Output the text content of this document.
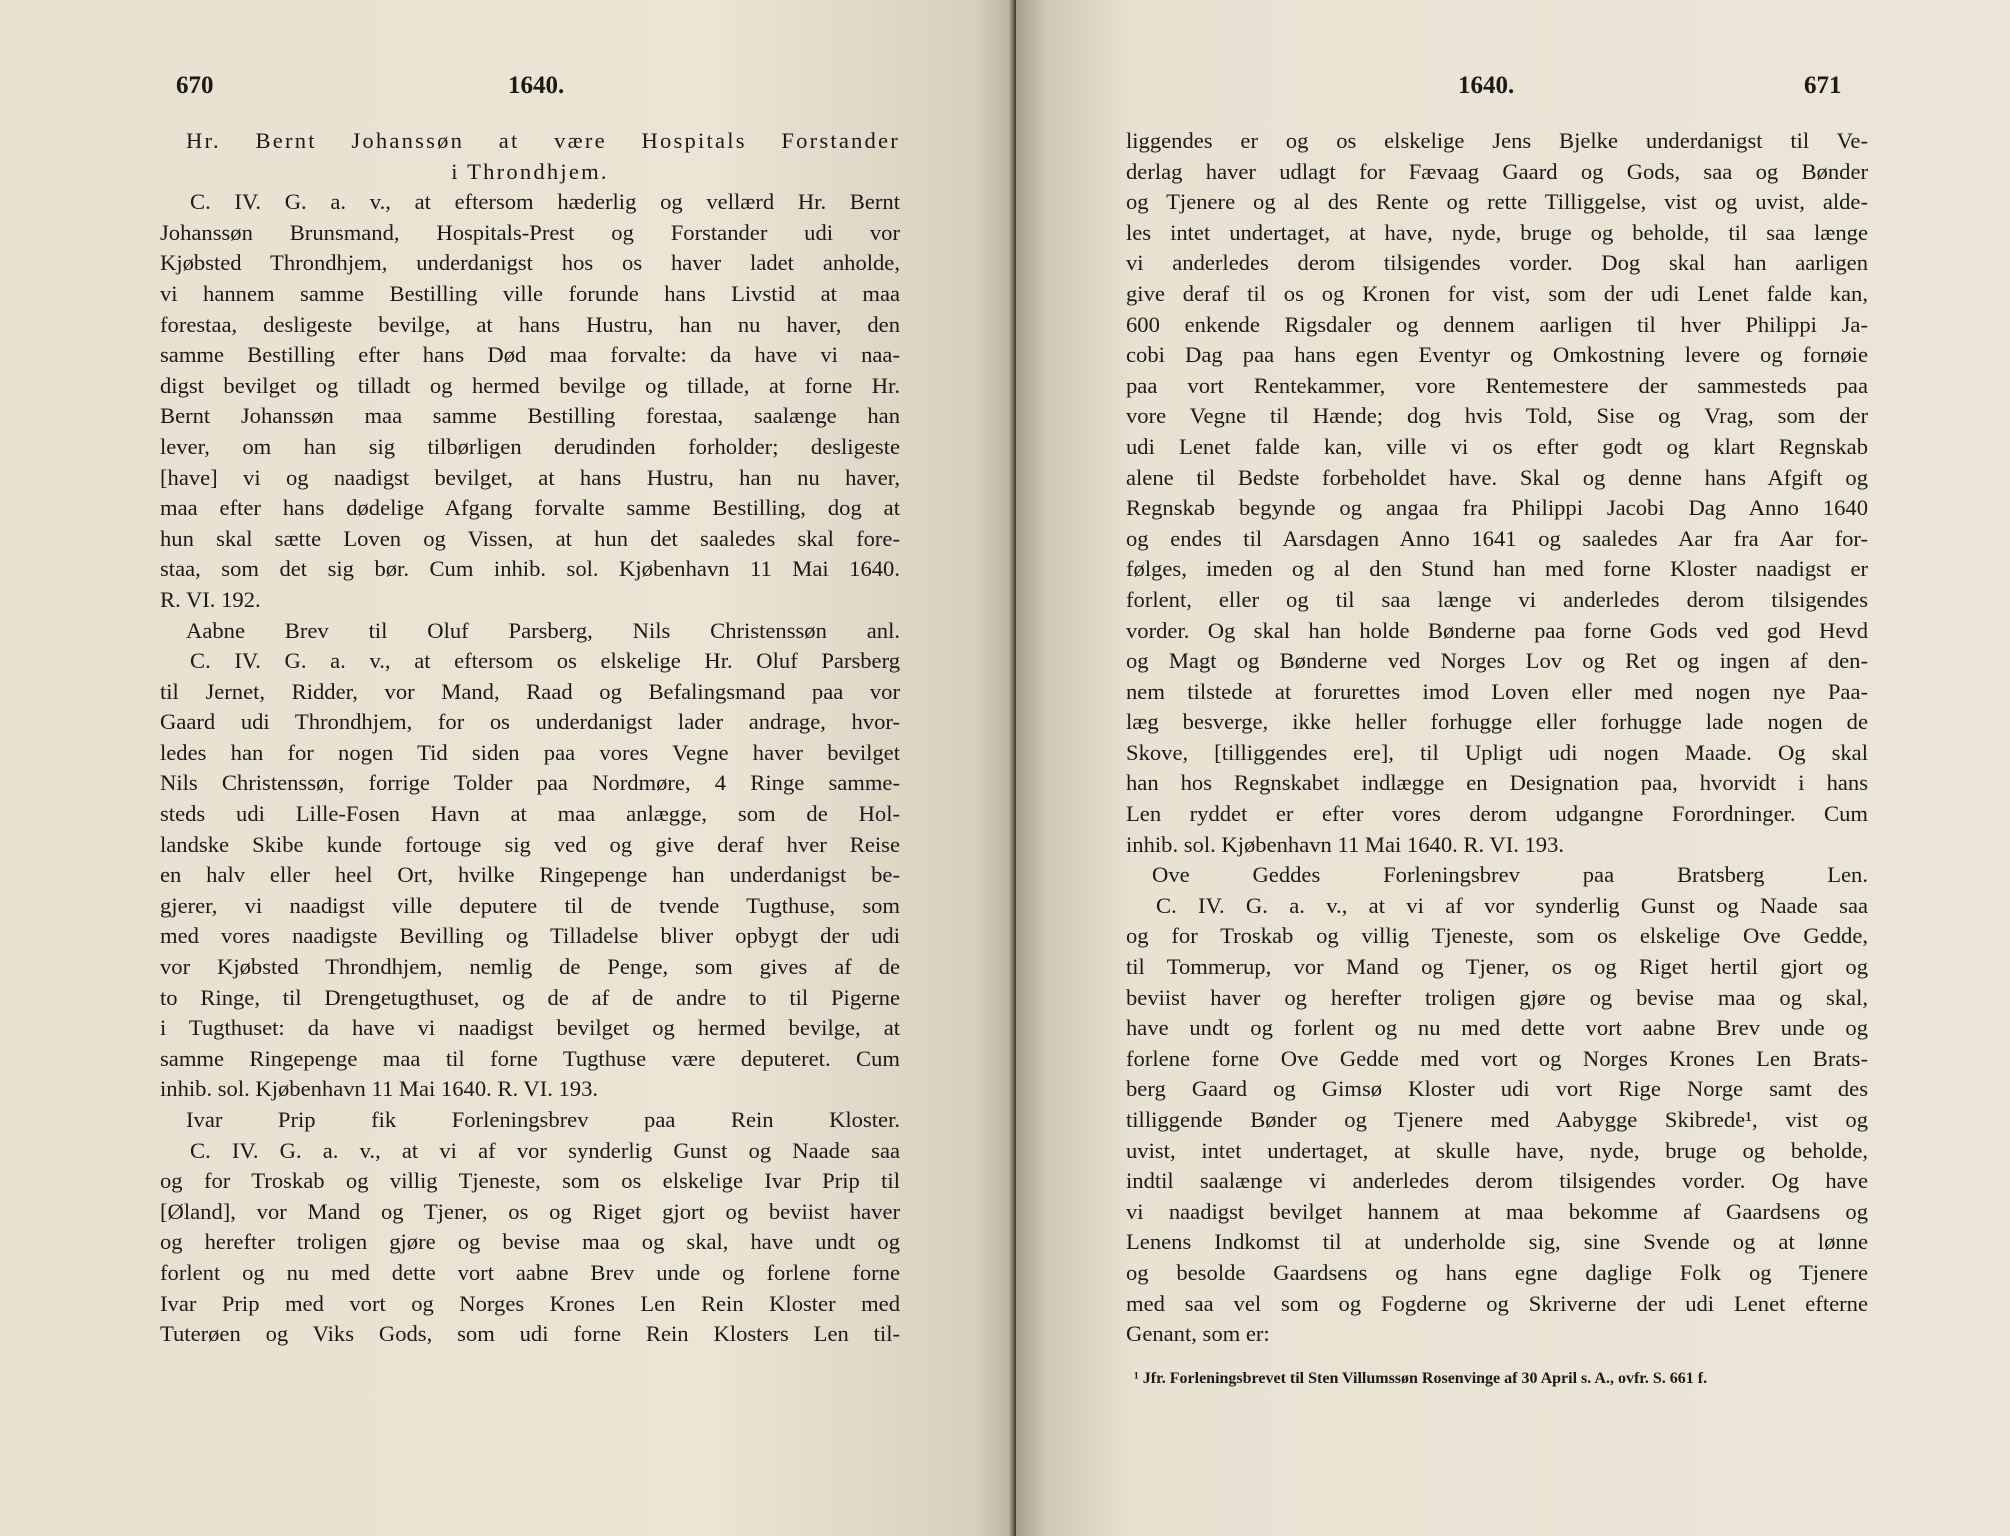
670	1640.

Hr. Bernt Johanssøn at være Hospitals Forstander

i Throndhjem.

C. IV. G. a. v., at eftersom hæderlig og vellærd Hr. Bernt

Johanssøn Brunsmand, Hospitals-Prest og Forstander udi vor

Kjøbsted Throndhjem, underdanigst hos os haver ladet anholde,

vi hannem samme Bestilling ville forunde hans Livstid at maa

forestaa, desligeste bevilge, at hans Hustru, han nu haver, den

samme Bestilling efter hans Død maa forvalte: da have vi naa-

digst bevilget og tilladt og hermed bevilge og tillade, at forne Hr.

Bernt Johanssøn maa samme Bestilling forestaa, saalænge han

lever, om han sig tilbørligen derudinden forholder; desligeste

[have] vi og naadigst bevilget, at hans Hustru, han nu haver,

maa efter hans dødelige Afgang forvalte samme Bestilling, dog at

hun skal sætte Loven og Vissen, at hun det saaledes skal fore-

staa, som det sig bør. Cum inhib. sol. Kjøbenhavn 11 Mai 1640.

R. VI. 192.

Aabne Brev til Oluf Parsberg, Nils Christenssøn anl.

C. IV. G. a. v., at eftersom os elskelige Hr. Oluf Parsberg

til Jernet, Ridder, vor Mand, Raad og Befalingsmand paa vor

Gaard udi Throndhjem, for os underdanigst lader andrage, hvor-

ledes han for nogen Tid siden paa vores Vegne haver bevilget

Nils Christenssøn, forrige Tolder paa Nordmøre, 4 Ringe samme-

steds udi Lille-Fosen Havn at maa anlægge, som de Hol-

landske Skibe kunde fortouge sig ved og give deraf hver Reise

en halv eller heel Ort, hvilke Ringepenge han underdanigst be-

gjerer, vi naadigst ville deputere til de tvende Tugthuse, som

med vores naadigste Bevilling og Tilladelse bliver opbygt der udi

vor Kjøbsted Throndhjem, nemlig de Penge, som gives af de

to Ringe, til Drengetugthuset, og de af de andre to til Pigerne

i Tugthuset: da have vi naadigst bevilget og hermed bevilge, at

samme Ringepenge maa til forne Tugthuse være deputeret. Cum

inhib. sol. Kjøbenhavn 11 Mai 1640. R. VI. 193.

Ivar Prip fik Forleningsbrev paa Rein Kloster.

C. IV. G. a. v., at vi af vor synderlig Gunst og Naade saa

og for Troskab og villig Tjeneste, som os elskelige Ivar Prip til

[Øland], vor Mand og Tjener, os og Riget gjort og beviist haver

og herefter troligen gjøre og bevise maa og skal, have undt og

forlent og nu med dette vort aabne Brev unde og forlene forne

Ivar Prip med vort og Norges Krones Len Rein Kloster med

Tuterøen og Viks Gods, som udi forne Rein Klosters Len til-

1640.	671

liggendes er og os elskelige Jens Bjelke underdanigst til Ve-

derlag haver udlagt for Fævaag Gaard og Gods, saa og Bønder

og Tjenere og al des Rente og rette Tilliggelse, vist og uvist, alde-

les intet undertaget, at have, nyde, bruge og beholde, til saa længe

vi anderledes derom tilsigendes vorder. Dog skal han aarligen

give deraf til os og Kronen for vist, som der udi Lenet falde kan,

600 enkende Rigsdaler og dennem aarligen til hver Philippi Ja-

cobi Dag paa hans egen Eventyr og Omkostning levere og fornøie

paa vort Rentekammer, vore Rentemestere der sammesteds paa

vore Vegne til Hænde; dog hvis Told, Sise og Vrag, som der

udi Lenet falde kan, ville vi os efter godt og klart Regnskab

alene til Bedste forbeholdet have. Skal og denne hans Afgift og

Regnskab begynde og angaa fra Philippi Jacobi Dag Anno 1640

og endes til Aarsdagen Anno 1641 og saaledes Aar fra Aar for-

følges, imeden og al den Stund han med forne Kloster naadigst er

forlent, eller og til saa længe vi anderledes derom tilsigendes

vorder. Og skal han holde Bønderne paa forne Gods ved god Hevd

og Magt og Bønderne ved Norges Lov og Ret og ingen af den-

nem tilstede at forurettes imod Loven eller med nogen nye Paa-

læg besverge, ikke heller forhugge eller forhugge lade nogen de

Skove, [tilliggendes ere], til Upligt udi nogen Maade. Og skal

han hos Regnskabet indlægge en Designation paa, hvorvidt i hans

Len ryddet er efter vores derom udgangne Forordninger. Cum

inhib. sol. Kjøbenhavn 11 Mai 1640. R. VI. 193.

Ove Geddes Forleningsbrev paa Bratsberg Len.

C. IV. G. a. v., at vi af vor synderlig Gunst og Naade saa

og for Troskab og villig Tjeneste, som os elskelige Ove Gedde,

til Tommerup, vor Mand og Tjener, os og Riget hertil gjort og

beviist haver og herefter troligen gjøre og bevise maa og skal,

have undt og forlent og nu med dette vort aabne Brev unde og

forlene forne Ove Gedde med vort og Norges Krones Len Brats-

berg Gaard og Gimsø Kloster udi vort Rige Norge samt des

tilliggende Bønder og Tjenere med Aabygge Skibrede¹, vist og

uvist, intet undertaget, at skulle have, nyde, bruge og beholde,

indtil saalænge vi anderledes derom tilsigendes vorder. Og have

vi naadigst bevilget hannem at maa bekomme af Gaardsens og

Lenens Indkomst til at underholde sig, sine Svende og at lønne

og besolde Gaardsens og hans egne daglige Folk og Tjenere

med saa vel som og Fogderne og Skriverne der udi Lenet efterne

Genant, som er:

¹ Jfr. Forleningsbrevet til Sten Villumssøn Rosenvinge af 30 April s. A., ovfr. S. 661 f.
